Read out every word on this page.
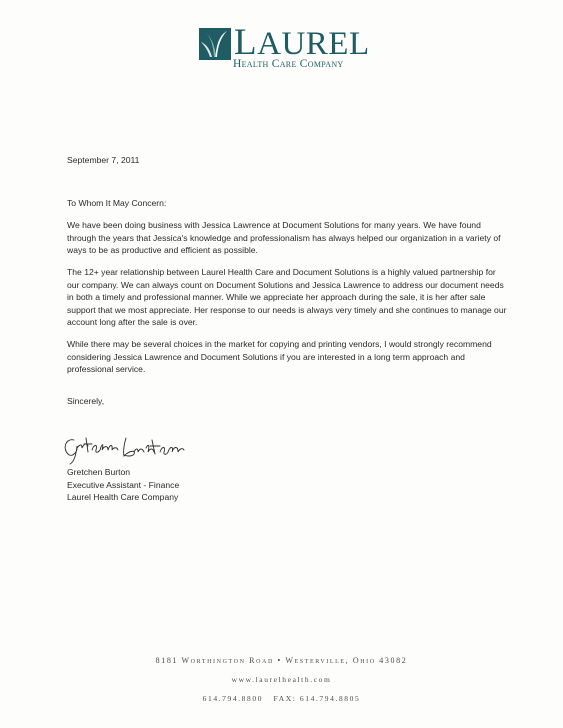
LAUREL
Health Care Company

September 7, 2011

To Whom It May Concern:

We have been doing business with Jessica Lawrence at Document Solutions for many years. We have found through the years that Jessica's knowledge and professionalism has always helped our organization in a variety of ways to be as productive and efficient as possible.

The 12+ year relationship between Laurel Health Care and Document Solutions is a highly valued partnership for our company. We can always count on Document Solutions and Jessica Lawrence to address our document needs in both a timely and professional manner. While we appreciate her approach during the sale, it is her after sale support that we most appreciate. Her response to our needs is always very timely and she continues to manage our account long after the sale is over.

While there may be several choices in the market for copying and printing vendors, I would strongly recommend considering Jessica Lawrence and Document Solutions if you are interested in a long term approach and professional service.

Sincerely,

Gretchen Burton

Executive Assistant - Finance

Laurel Health Care Company

8181 Worthington Road • Westerville, Ohio 43082
www.laurelhealth.com
614.794.8800   FAX: 614.794.8805
